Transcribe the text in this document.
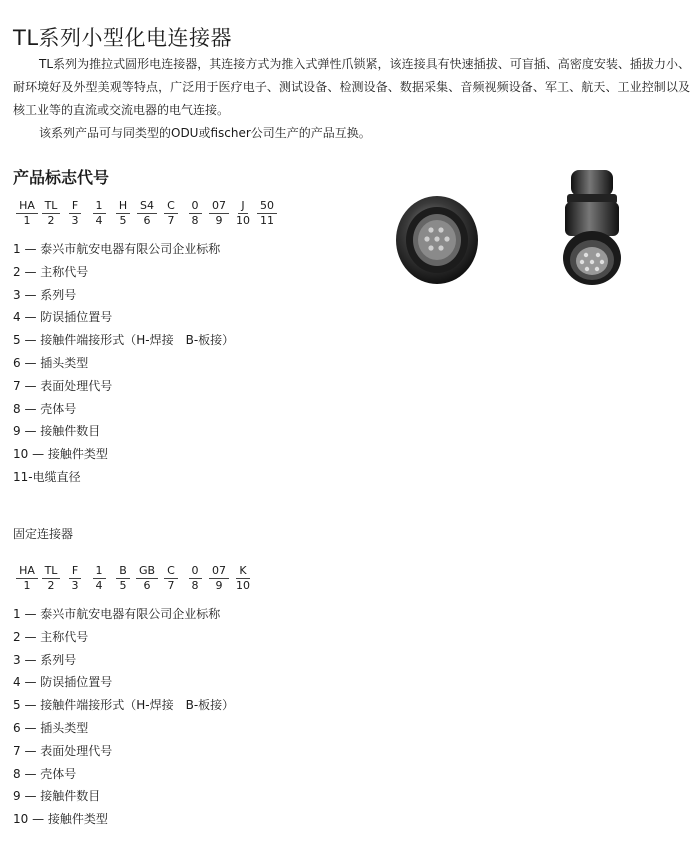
TL系列小型化电连接器

TL系列为推拉式圆形电连接器，其连接方式为推入式弹性爪锁紧，该连接具有快速插拔、可盲插、高密度安装、插拔力小、耐环境好及外型美观等特点，广泛用于医疗电子、测试设备、检测设备、数据采集、音频视频设备、军工、航天、工业控制以及核工业等的直流或交流电器的电气连接。

该系列产品可与同类型的ODU或fischer公司生产的产品互换。

产品标志代号
HA
1
TL
2
F
3
1
4
H
5
S4
6
C
7
0
8
07
9
J
10
50
11
1 — 泰兴市航安电器有限公司企业标称
2 — 主称代号
3 — 系列号
4 — 防误插位置号
5 — 接触件端接形式（H-焊接　B-板接）
6 — 插头类型
7 — 表面处理代号
8 — 壳体号
9 — 接触件数目
10 — 接触件类型
11-电缆直径
固定连接器
HA
1
TL
2
F
3
1
4
B
5
GB
6
C
7
0
8
07
9
K
10
1 — 泰兴市航安电器有限公司企业标称
2 — 主称代号
3 — 系列号
4 — 防误插位置号
5 — 接触件端接形式（H-焊接　B-板接）
6 — 插头类型
7 — 表面处理代号
8 — 壳体号
9 — 接触件数目
10 — 接触件类型
